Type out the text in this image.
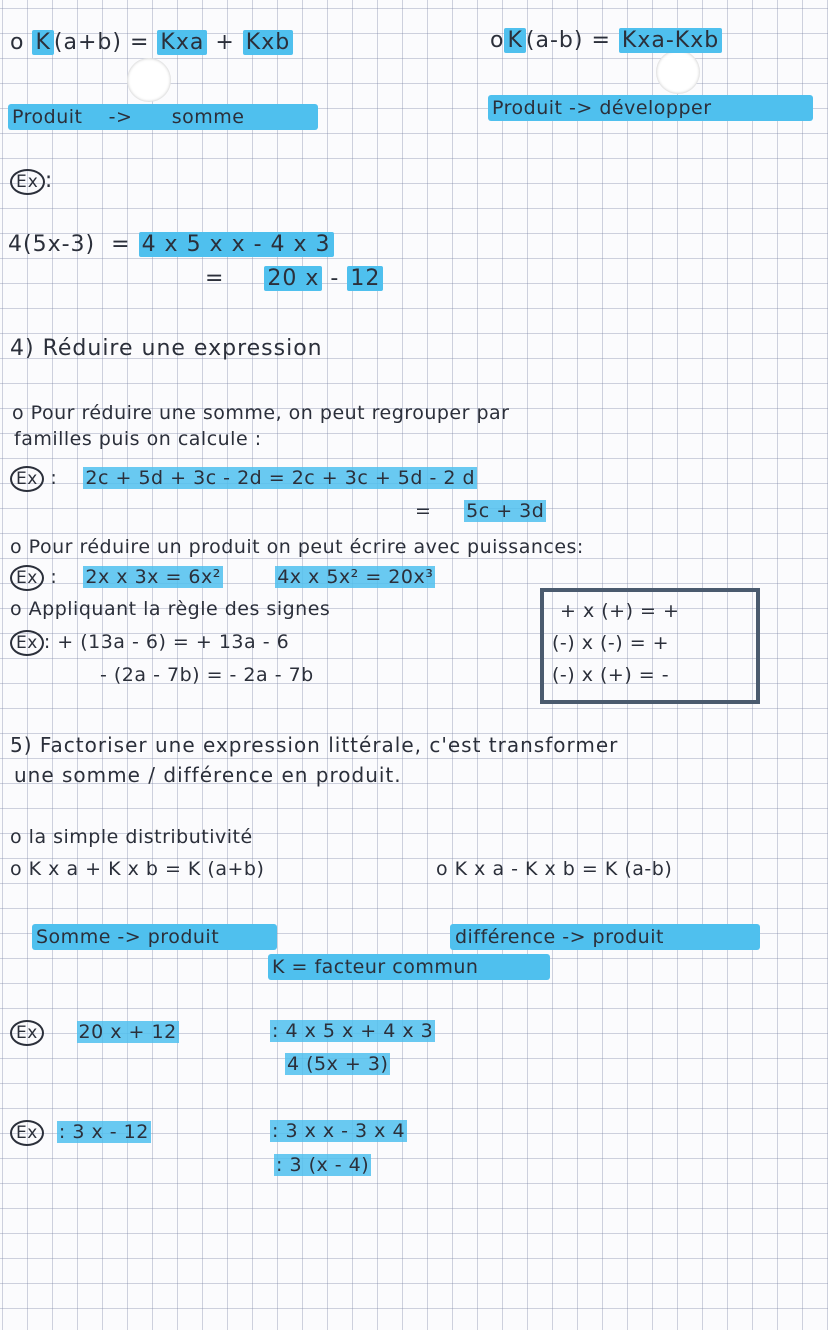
o K (a+b) = Kxa + Kxb	o K (a-b) = Kxa-Kxb
Produit -> somme	Produit -> développer
Ex :
4(5x-3) = 4 x 5 x x - 4 x 3
= 20 x - 12
4) Réduire une expression
o Pour réduire une somme, on peut regrouper par
familles puis on calcule :
Ex :    2c + 5d + 3c - 2d = 2c + 3c + 5d - 2 d
= 5c + 3d
o Pour réduire un produit on peut écrire avec puissances:
Ex :    2x x 3x = 6x²	4x x 5x² = 20x³
o Appliquant la règle des signes
Ex : + (13a - 6) = + 13a - 6
- (2a - 7b) = - 2a - 7b
+ x (+) = +
(-) x (-) = +
(-) x (+) = -
5) Factoriser une expression littérale, c'est transformer
une somme / différence en produit.
o la simple distributivité
o K x a + K x b = K (a+b)	o K x a - K x b = K (a-b)
Somme -> produit	différence -> produit
K = facteur commun
Ex 20 x + 12	: 4 x 5 x + 4 x 3
4 (5x + 3)
Ex : 3 x - 12	: 3 x x - 3 x 4
: 3 (x - 4)
